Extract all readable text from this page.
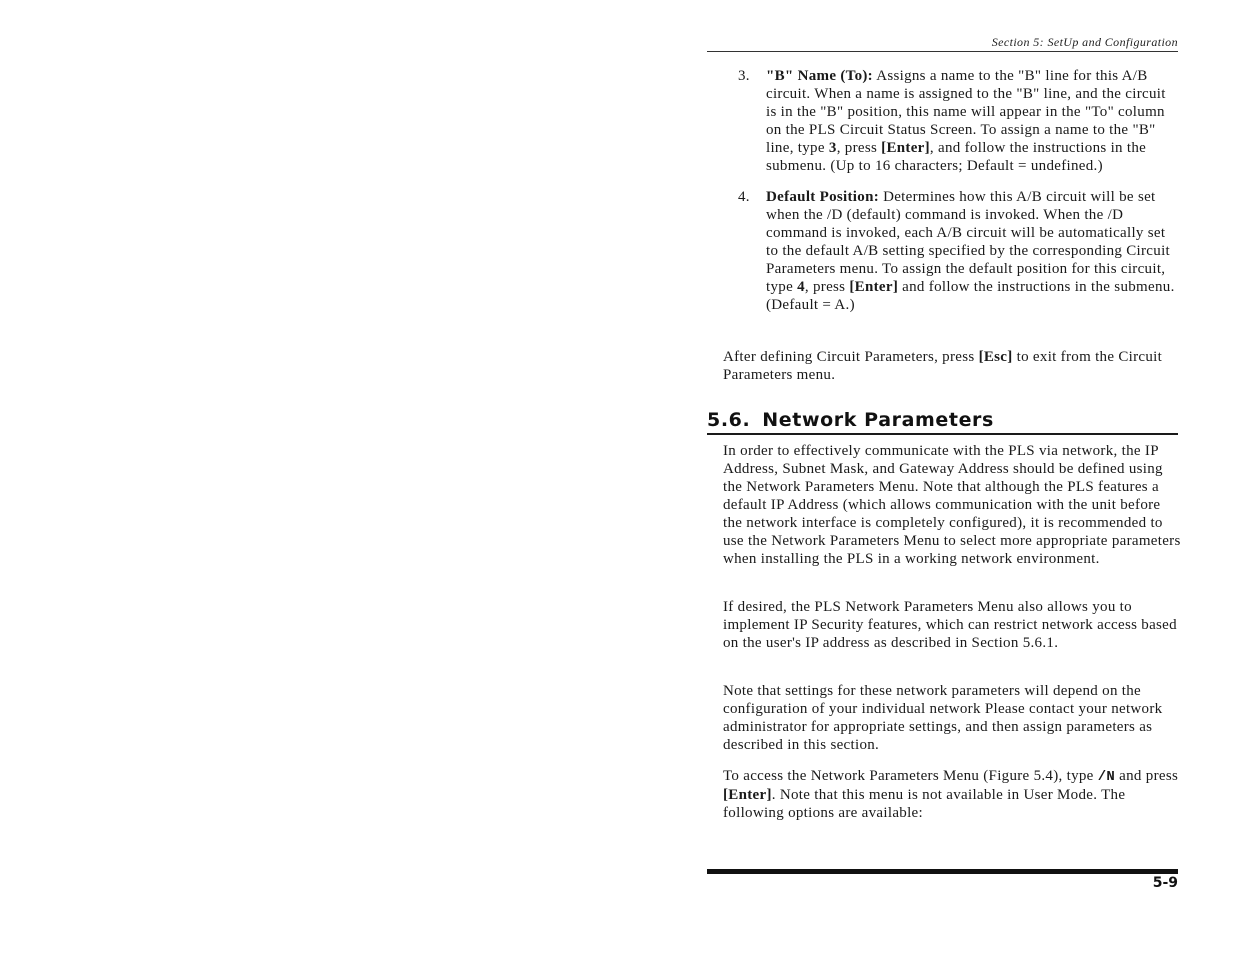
Section 5: SetUp and Configuration
3. "B" Name (To): Assigns a name to the "B" line for this A/B circuit. When a name is assigned to the "B" line, and the circuit is in the "B" position, this name will appear in the "To" column on the PLS Circuit Status Screen. To assign a name to the "B" line, type 3, press [Enter], and follow the instructions in the submenu. (Up to 16 characters; Default = undefined.)
4. Default Position: Determines how this A/B circuit will be set when the /D (default) command is invoked. When the /D command is invoked, each A/B circuit will be automatically set to the default A/B setting specified by the corresponding Circuit Parameters menu. To assign the default position for this circuit, type 4, press [Enter] and follow the instructions in the submenu. (Default = A.)

After defining Circuit Parameters, press [Esc] to exit from the Circuit Parameters menu.

5.6. Network Parameters

In order to effectively communicate with the PLS via network, the IP Address, Subnet Mask, and Gateway Address should be defined using the Network Parameters Menu. Note that although the PLS features a default IP Address (which allows communication with the unit before the network interface is completely configured), it is recommended to use the Network Parameters Menu to select more appropriate parameters when installing the PLS in a working network environment.

If desired, the PLS Network Parameters Menu also allows you to implement IP Security features, which can restrict network access based on the user's IP address as described in Section 5.6.1.

Note that settings for these network parameters will depend on the configuration of your individual network Please contact your network administrator for appropriate settings, and then assign parameters as described in this section.

To access the Network Parameters Menu (Figure 5.4), type /N and press [Enter]. Note that this menu is not available in User Mode. The following options are available:

5-9
